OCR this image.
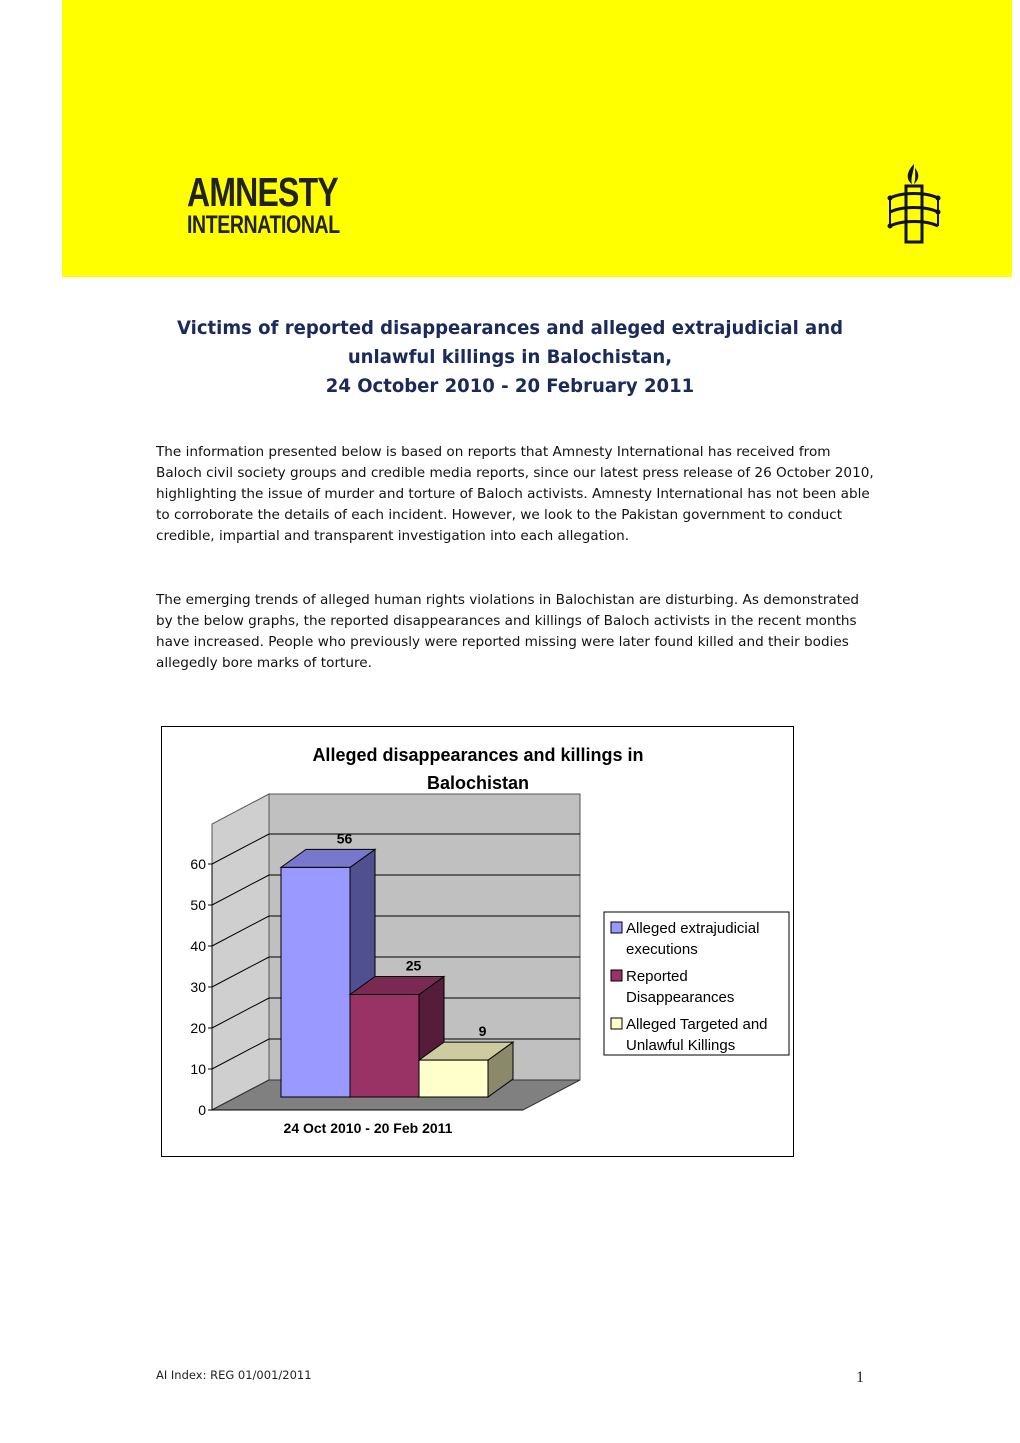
AMNESTY
INTERNATIONAL
Victims of reported disappearances and alleged extrajudicial and
unlawful killings in Balochistan,
24 October 2010 - 20 February 2011
The information presented below is based on reports that Amnesty International has received from Baloch civil society groups and credible media reports, since our latest press release of 26 October 2010, highlighting the issue of murder and torture of Baloch activists. Amnesty International has not been able to corroborate the details of each incident. However, we look to the Pakistan government to conduct credible, impartial and transparent investigation into each allegation.
The emerging trends of alleged human rights violations in Balochistan are disturbing. As demonstrated by the below graphs, the reported disappearances and killings of Baloch activists in the recent months have increased. People who previously were reported missing were later found killed and their bodies allegedly bore marks of torture.
Alleged disappearances and killings in
Balochistan
0
10
20
30
40
50
60
56
25
9
24 Oct 2010 - 20 Feb 2011
Alleged extrajudicial
executions
Reported
Disappearances
Alleged Targeted and
Unlawful Killings
AI Index: REG 01/001/2011	1
